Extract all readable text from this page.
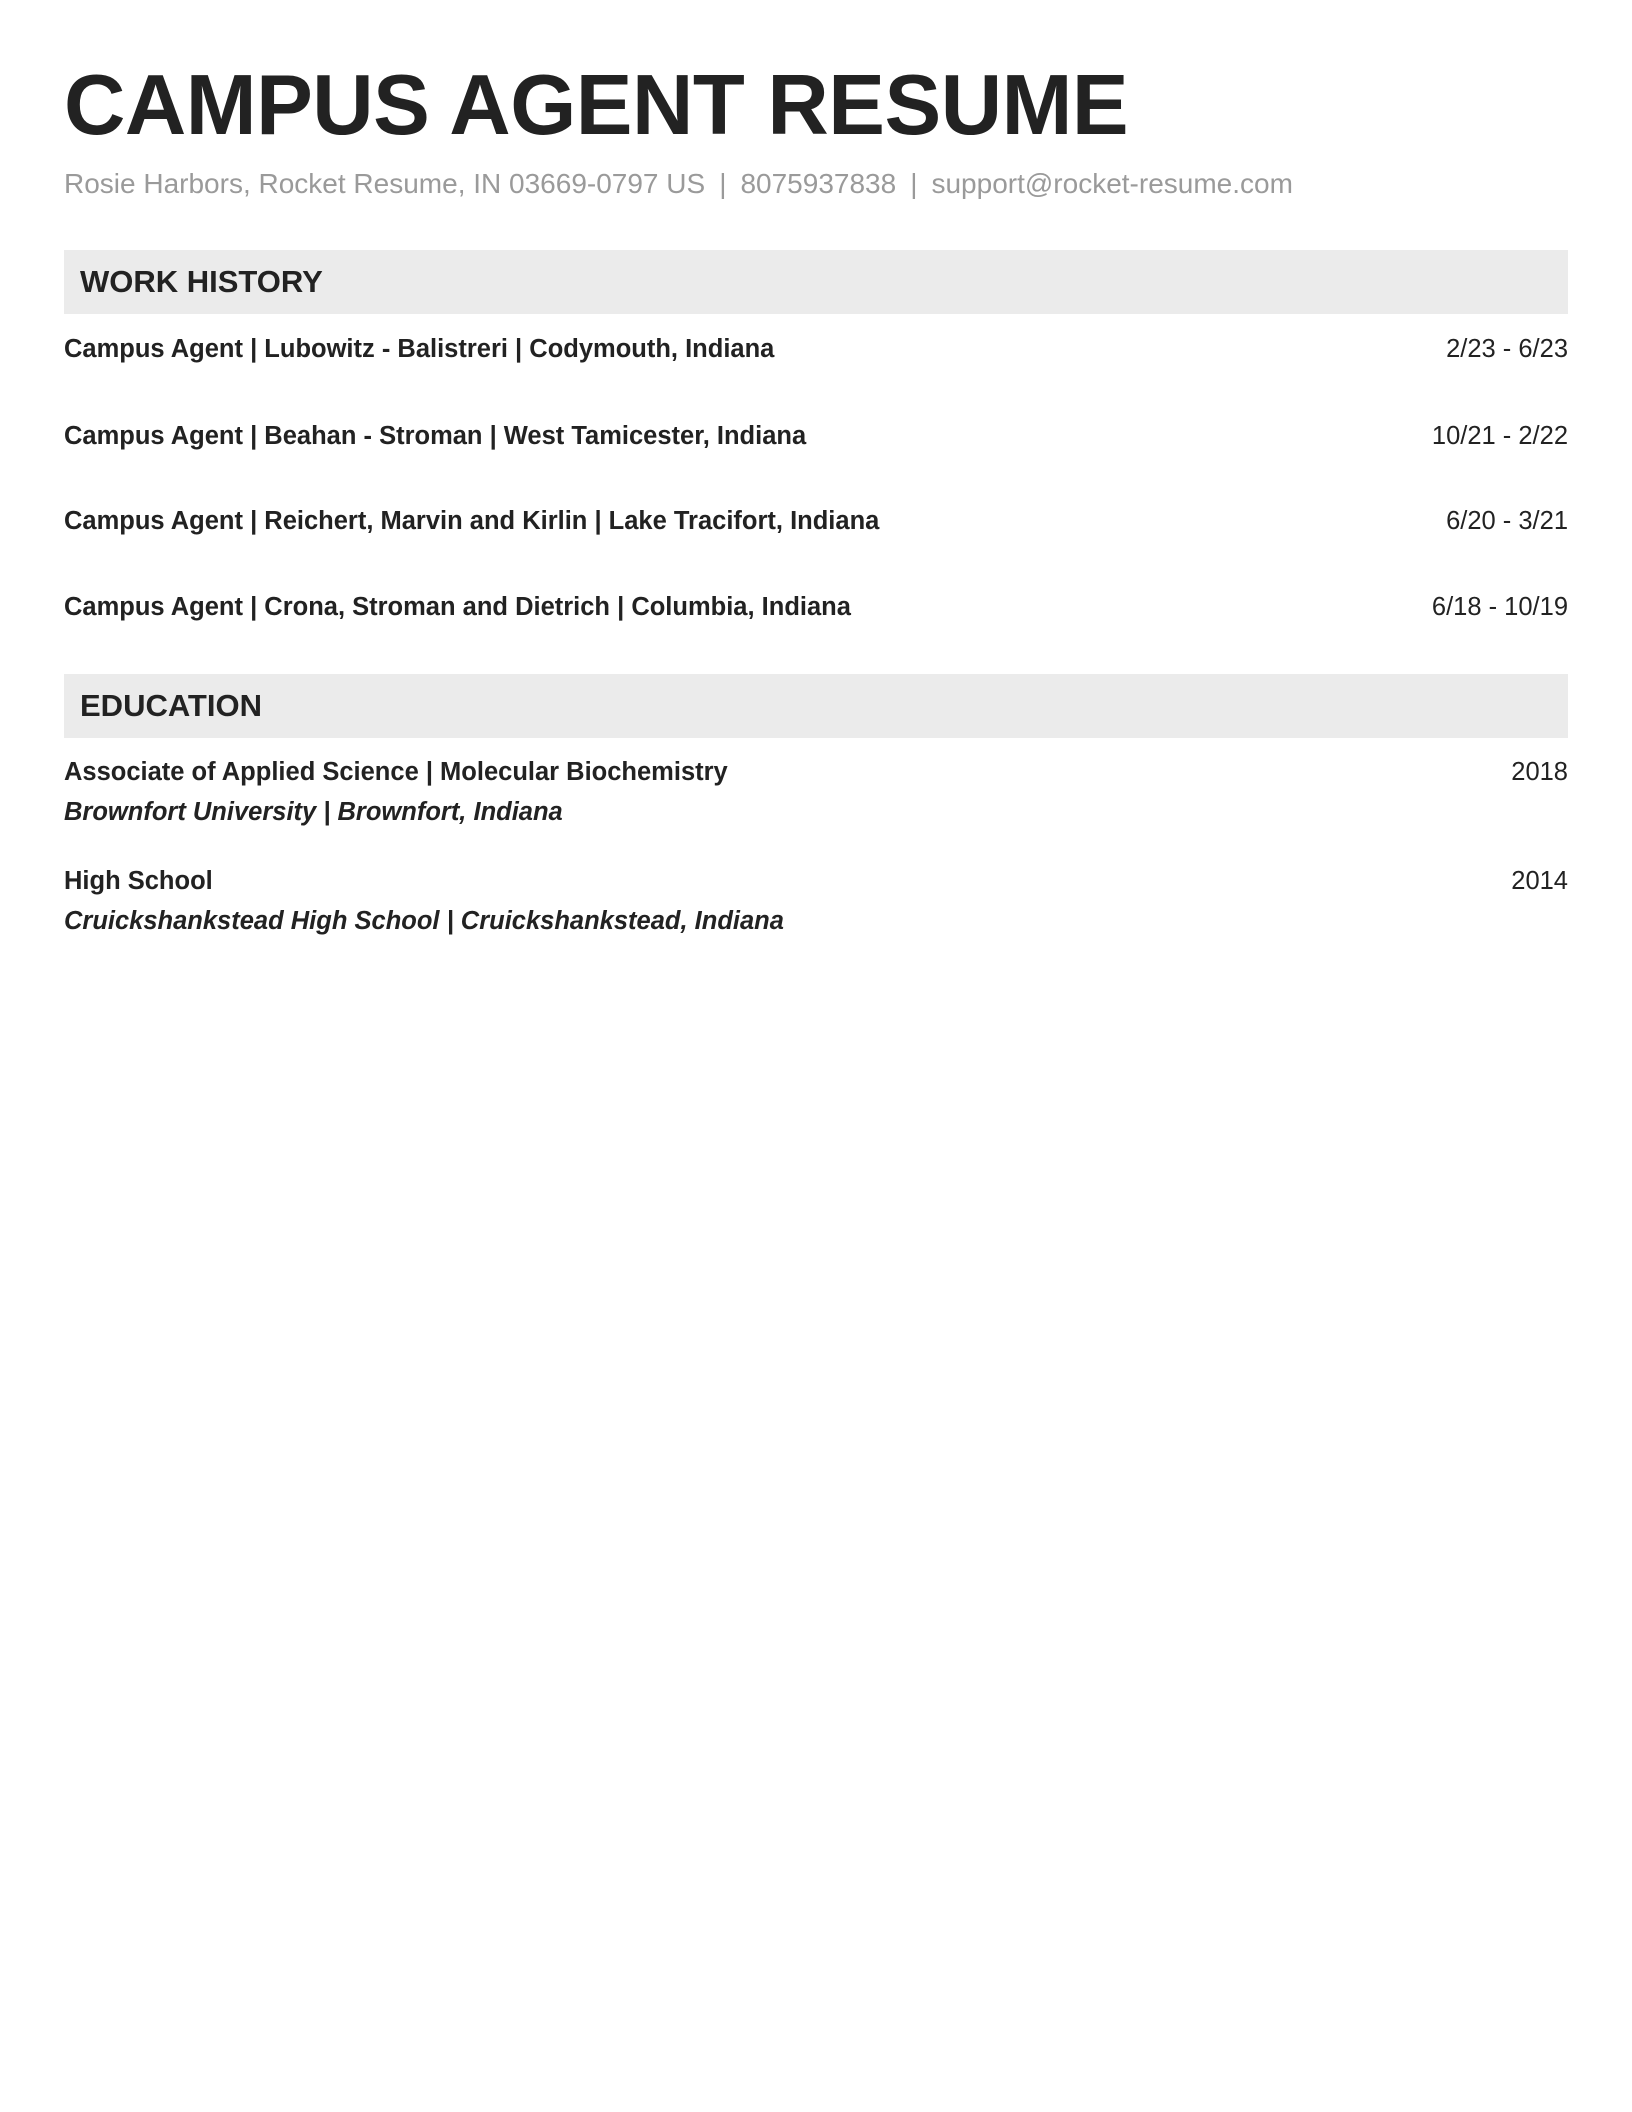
CAMPUS AGENT RESUME
Rosie Harbors, Rocket Resume, IN 03669-0797 US | 8075937838 | support@rocket-resume.com
WORK HISTORY
Campus Agent | Lubowitz - Balistreri | Codymouth, Indiana	2/23 - 6/23
Campus Agent | Beahan - Stroman | West Tamicester, Indiana	10/21 - 2/22
Campus Agent | Reichert, Marvin and Kirlin | Lake Tracifort, Indiana	6/20 - 3/21
Campus Agent | Crona, Stroman and Dietrich | Columbia, Indiana	6/18 - 10/19
EDUCATION
Associate of Applied Science | Molecular Biochemistry	2018
Brownfort University | Brownfort, Indiana
High School	2014
Cruickshankstead High School | Cruickshankstead, Indiana
